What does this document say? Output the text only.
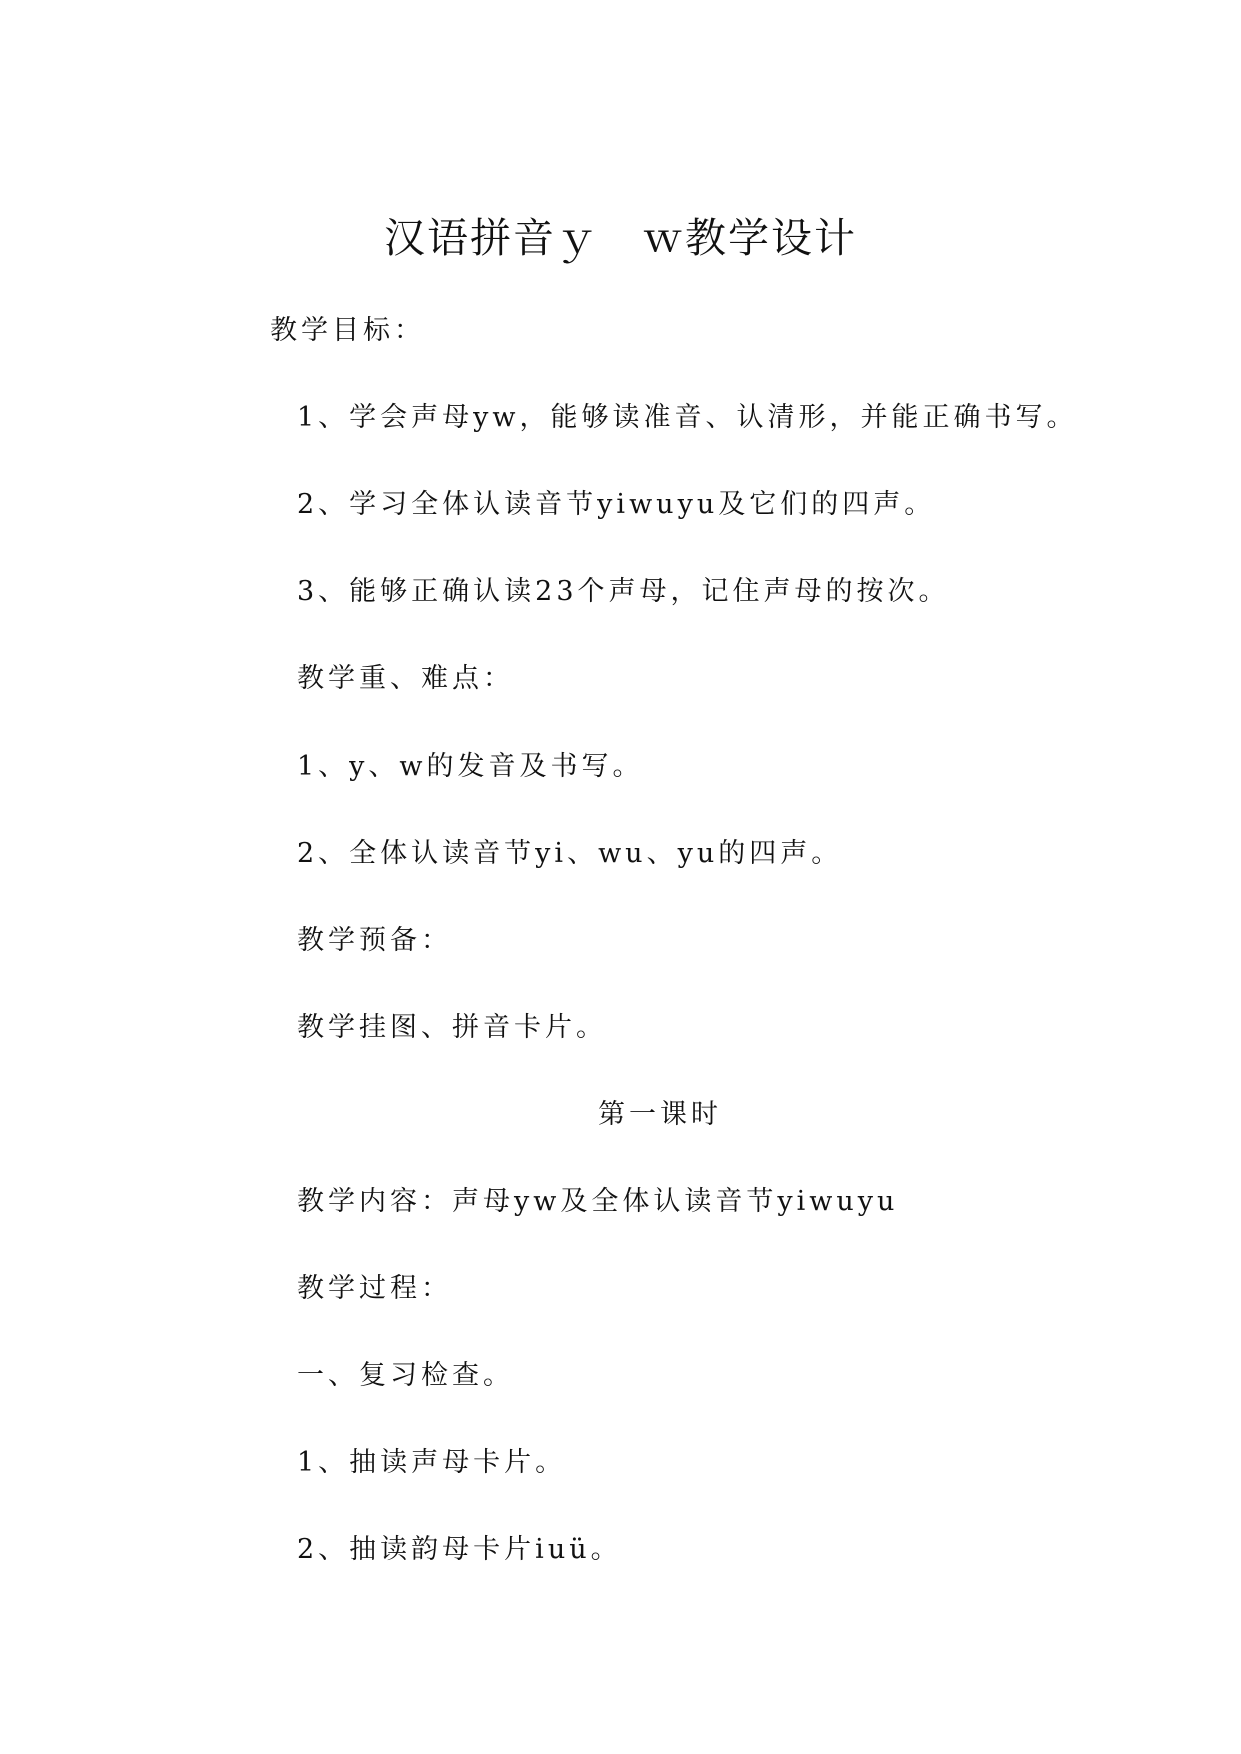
汉语拼音ｙ　ｗ教学设计
教学目标：
1、学会声母yw，能够读准音、认清形，并能正确书写。
2、学习全体认读音节yiwuyu及它们的四声。
3、能够正确认读23个声母，记住声母的按次。
教学重、难点：
1、y、w的发音及书写。
2、全体认读音节yi、wu、yu的四声。
教学预备：
教学挂图、拼音卡片。
第一课时
教学内容：声母yw及全体认读音节yiwuyu
教学过程：
一、复习检查。
1、抽读声母卡片。
2、抽读韵母卡片iuü。
